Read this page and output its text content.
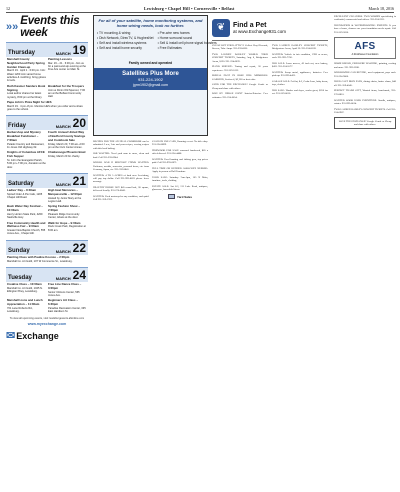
12	Lewisburg • Chapel Hill • Cornersville • Belfast	March 18, 2016
»» Events this week
Thursday	MARCH 19
Marshall County Neighborhood Party Spring Garden Clean-up
March 19 · April 1 · 6:00 pm. Info: Water 1200 Join varied home activities & mulching; bring gloves & tools.
Painting Lessons
Mar. 19 – 21 · 6:30 pm. Join us for a paint-and-sip evening at the Fine Arts center on Main St.
Ruth Kasmer Sanders Book Signing
Local author shares her latest mystery, 8:00 pm at the library.
Breakfast for the Troopers
Join us Dimin Old Spencer, 7:00 am at the Belfast Community Hall.
Papa John's Pizza Night for HES
March 19 · 4 pm–8 pm. Mention HES when you order and a share goes to the school.
Friday	MARCH 20
Barbershop and Mystery Breakfast Fundraiser – 7:00am
Pulaski Country and Restaurant, 11 Jones Old Highway 62.
Fourth Annual United Way of Bedford County Savings and Cookbook Sale
Friday, March 20, 7:00 am–2:00 pm at the Civic Center Annex.
Knights of Columbus AFCE Fish Supper
St. John the Evangelist Parish, 5:00 pm–7:00 pm, donation at the door.
Chattanooga Phoenix Bowl
Friday, March 20 for charity.
Saturday	MARCH 21
Ladies' Day – 8:30am
Spiced Cider & Pie Cafe, 1205 Chapel Hill Road.
High Heel Memories – Marquessville – 12:00pm
Hosted by Junior Mary at the Legion Hall.
Bash Water Day Festival – 10:00am
Henry Horton State Park, 4209 Nashville Hwy.
Spring Fashion Show – 2:00pm
Pleasant Ridge Community Center, tickets at the door.
Free Community Health and Wellness Fair – 9:00am
Greater New Baptist Church, 555 Jones Ave., Chapel Hill.
Walk for Hope – 9:00am
Rock Creek Park, Registration at 8:00 am.
Sunday	MARCH 22
Painting Class with Pauline Koonce – 2:00pm
Marshall Co. Art Guild, 107 W Commerce St., Lewisburg.
Tuesday	MARCH 24
Creative Class – 10:00am
Marshall Co. Art Guild, 1045 N. Ellington Pkwy, Lewisburg.
Free Line Dance Class – 3:00pm
Senior Citizens Center, 565 Jones Ave.
Marshall Lions and Lunch Appreciation – 11:30am
701 Lane Roberts Rd., Lewisburg.
Beginners Art Class – 6:30pm
Paradise Recreation Center, 335 East Hardison St.
To view all upcoming events, visit: lewisburgevents.aftonline.com
www.myexchange.com
✉ Exchange
For all of your satellite, home monitoring systems, and home wiring needs, look no further.
• TV mounting & wiring
• Dish Network, DirecTV, & HughesNet
• Self and install wireless systems
• Self and install home security
• Pre-wire new homes
• Home surround sound
• Sell & install cell phone signal boosters
• Free Estimates
Family owned and operated
Satellites Plus More
931-224-1902
jgrm1902@gmail.com
❦	Find a Pet
at www.Exchange931.com

RECIPES FOR THE AN NUAL COOKBOOK can be submitted. I sew, I ate and your recipes, serving recipes with this local baking.

JOB WANTED: Need yard man to mow, clean and haul. Call 931-359-0944.

WORLD WAR II MILITARY ITEMS WANTED. Uniforms, medals, souvenirs, personal items, etc. from Germany, Japan, etc. 931-359-8841.

WANTED: 4 TO 5 ACRES of land near Lewisburg, will pay top dollar. Call 931-993-6623 please leave message.

HEALTHY HORSE HAY $45 round bale, $5 square, delivered locally. 931-270-8842.

WANTED: Used motorcycles any condition, cash paid. Call 931-359-1922.

CASH ON USE CARS, Running or not. No title okay. 931-224-8899.

FIREWOOD FOR SALE seasoned hardwood, $65 a rick delivered. 931-224-4488.

WANTED: Used hunting and fishing gear, top prices paid. Call 931-993-0871.

FULL TIME ON RUNNER ASSOCIATE NEEDED. Apply in person at Hall Furniture.

YARD SALE: Saturday 7am-1pm, 105 N Main, furniture, tools, clothing.

ESTATE SALE: Sat 8-3, 211 Lake Road, antiques, glassware, household items.

Yard Sales

CLEAN OUT YOUR ATTIC? I Collect Vinyl Records, Stereos, Tube Amps. 931-359-6001.

TWO LAUREN DAISLEY WORLD TOUR CONCERT TICKETS, Saturday, Aug. 6, Bridgestone Arena, $120. 931-224-0876.

PIANO SERVICE: Tuning and repair, 30 years experience. 931-359-1022.

BURIAL PLOT IN ROSE HILL MEMORIAL GARDENS, Section 4, $2,200 or best offer.

GUNS FOR THE EXCHANGE! Google Conde or Cheap and share with others.

DON BY HEDGE PAINT Interior/Exterior. Free estimates. 931-224-6654.

TWO LAUREN DAISLEY CONCERT TICKETS, Bridgestone Arena, April 30. 931-224-8109.

WANTED: Vehicle in fair condition, 1990 or newer, cash. 931-993-7700.

FOR SALE: Lawn mower, 42 inch cut, new battery, $425. 931-224-5577.

WANTED: Scrap metal, appliances, batteries. Free pick-up. 931-993-4422.

GARAGE SALE: Fri-Sat, 8-2, Cedar Lane, baby items, toys, clothes.

FOR SALE: Washer and dryer, works great, $250 for set. 931-359-6610.

EXCELLENT CLEANERS. TWO WOMEN specializing in residential, commercial and offices. 931-224-2211.

FOUNDATION & WATERPROOFING EXPERTS. If you have a home, chances are your foundation needs repair. Call 931-359-3030.

AFS
A Rockhaven Foundation

HOME REPAIR, PRESSURE WASHING, painting, roofing and more. 931-993-2288.

WORLDWIDE CAR BUYING, used equipment, pays cash. 931-224-9060.

FOUR CAST IRON PANS, dining chairs, butter churn, $40 all. 931-359-4045.

PERFECT TRADE GIFT, Wanted items, hand-made, 931-270-8810.

WANTED GOOD USED FURNITURE. Smalls, antiques, estates. 931-993-6614.

TWO LAUREN DAISLEY CONCERT TICKETS. Call 931-224-0987.

LOVE THE EXCHANGE? Google Conde or Cheap and share with others.
